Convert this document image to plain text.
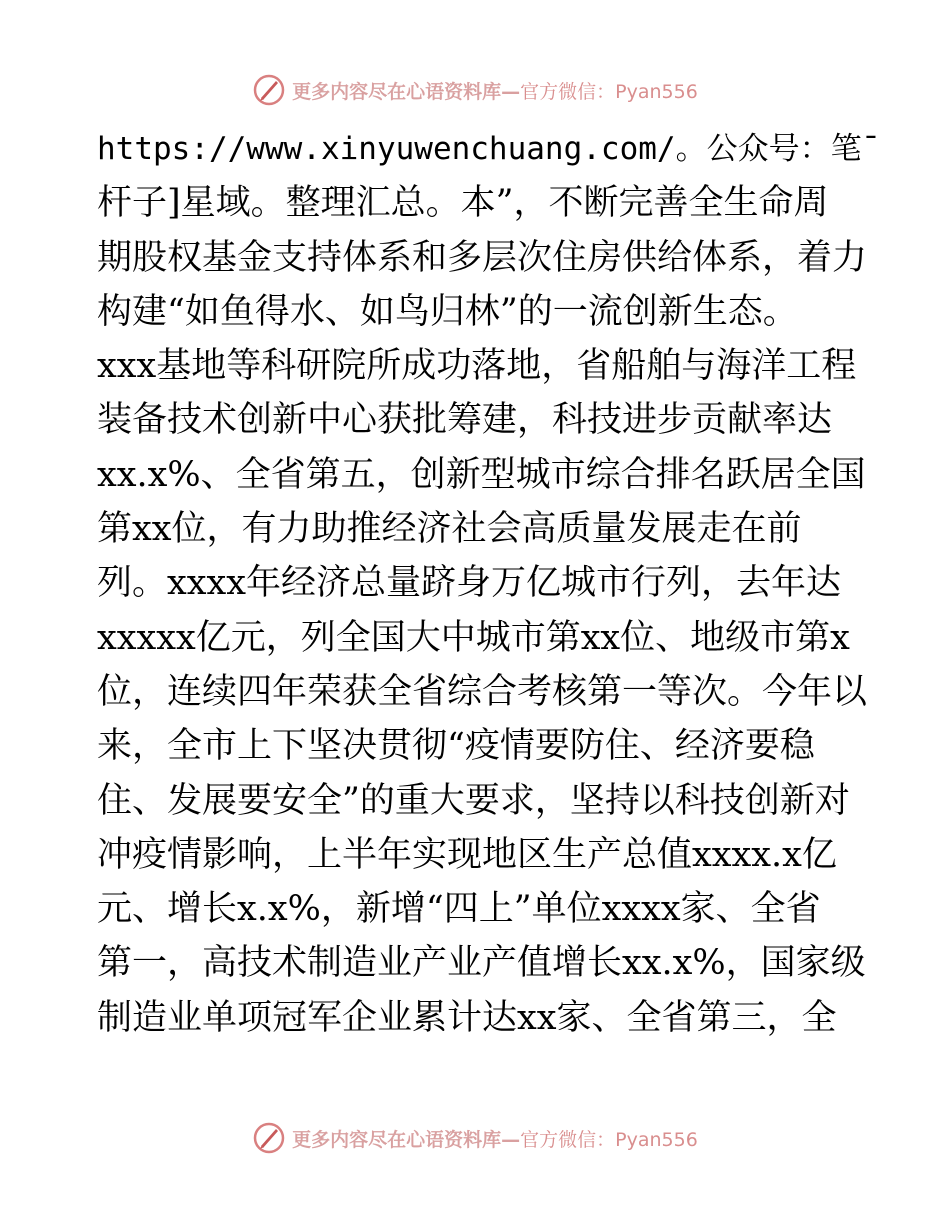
更多内容尽在心语资料库—官方微信：Pyan556
https://www.xinyuwenchuang.com/。公众号：笔¯
杆子]星域。整理汇总。本”，不断完善全生命周
期股权基金支持体系和多层次住房供给体系，着力
构建“如鱼得水、如鸟归林”的一流创新生态。
xxx基地等科研院所成功落地，省船舶与海洋工程
装备技术创新中心获批筹建，科技进步贡献率达
xx.x%、全省第五，创新型城市综合排名跃居全国
第xx位，有力助推经济社会高质量发展走在前
列。xxxx年经济总量跻身万亿城市行列，去年达
xxxxx亿元，列全国大中城市第xx位、地级市第x
位，连续四年荣获全省综合考核第一等次。今年以
来，全市上下坚决贯彻“疫情要防住、经济要稳
住、发展要安全”的重大要求，坚持以科技创新对
冲疫情影响，上半年实现地区生产总值xxxx.x亿
元、增长x.x%，新增“四上”单位xxxx家、全省
第一，高技术制造业产业产值增长xx.x%，国家级
制造业单项冠军企业累计达xx家、全省第三，全
更多内容尽在心语资料库—官方微信：Pyan556
